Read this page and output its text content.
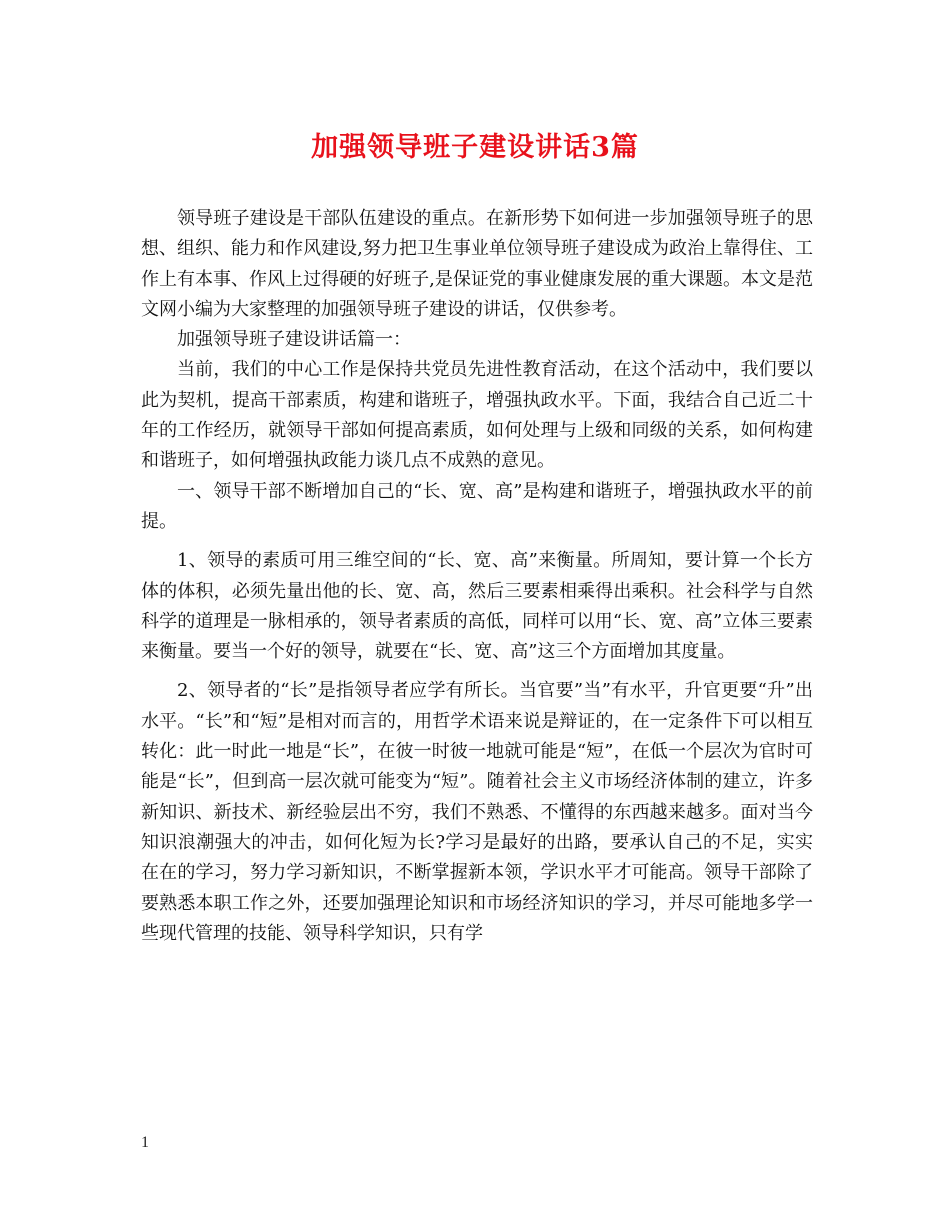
加强领导班子建设讲话3篇

领导班子建设是干部队伍建设的重点。在新形势下如何进一步加强领导班子的思想、组织、能力和作风建设,努力把卫生事业单位领导班子建设成为政治上靠得住、工作上有本事、作风上过得硬的好班子,是保证党的事业健康发展的重大课题。本文是范文网小编为大家整理的加强领导班子建设的讲话，仅供参考。

加强领导班子建设讲话篇一：

当前，我们的中心工作是保持共党员先进性教育活动，在这个活动中，我们要以此为契机，提高干部素质，构建和谐班子，增强执政水平。下面，我结合自己近二十年的工作经历，就领导干部如何提高素质，如何处理与上级和同级的关系，如何构建和谐班子，如何增强执政能力谈几点不成熟的意见。

一、领导干部不断增加自己的“长、宽、高”是构建和谐班子，增强执政水平的前提。

1、领导的素质可用三维空间的“长、宽、高”来衡量。所周知，要计算一个长方体的体积，必须先量出他的长、宽、高，然后三要素相乘得出乘积。社会科学与自然科学的道理是一脉相承的，领导者素质的高低，同样可以用“长、宽、高”立体三要素来衡量。要当一个好的领导，就要在“长、宽、高”这三个方面增加其度量。

2、领导者的“长”是指领导者应学有所长。当官要”当”有水平，升官更要“升”出水平。“长”和“短”是相对而言的，用哲学术语来说是辩证的，在一定条件下可以相互转化：此一时此一地是“长”，在彼一时彼一地就可能是“短”，在低一个层次为官时可能是“长”，但到高一层次就可能变为“短”。随着社会主义市场经济体制的建立，许多新知识、新技术、新经验层出不穷，我们不熟悉、不懂得的东西越来越多。面对当今知识浪潮强大的冲击，如何化短为长?学习是最好的出路，要承认自己的不足，实实在在的学习，努力学习新知识，不断掌握新本领，学识水平才可能高。领导干部除了要熟悉本职工作之外，还要加强理论知识和市场经济知识的学习，并尽可能地多学一些现代管理的技能、领导科学知识，只有学

1
